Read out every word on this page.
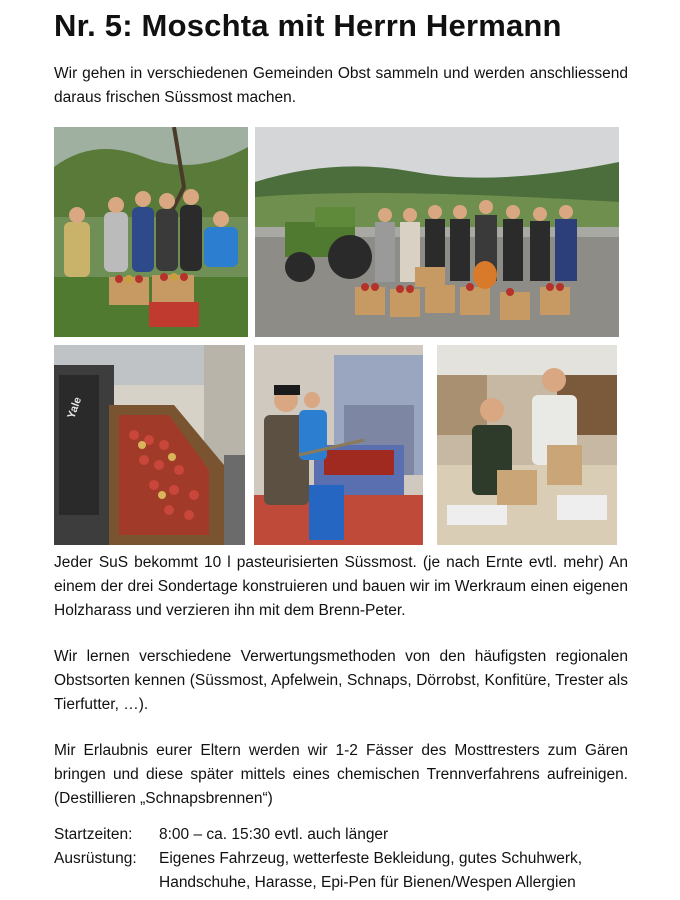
Nr. 5: Moschta mit Herrn Hermann
Wir gehen in verschiedenen Gemeinden Obst sammeln und werden anschliessend daraus frischen Süssmost machen.
Yale
Jeder SuS bekommt 10 l pasteurisierten Süssmost. (je nach Ernte evtl. mehr) An einem der drei Sondertage konstruieren und bauen wir im Werkraum einen eigenen Holzharass und verzieren ihn mit dem Brenn-Peter.
Wir lernen verschiedene Verwertungsmethoden von den häufigsten regionalen Obstsorten kennen (Süssmost, Apfelwein, Schnaps, Dörrobst, Konfitüre, Trester als Tierfutter, …).
Mir Erlaubnis eurer Eltern werden wir 1-2 Fässer des Mosttresters zum Gären bringen und diese später mittels eines chemischen Trennverfahrens aufreinigen. (Destillieren „Schnapsbrennen“)
Startzeiten:	8:00 – ca. 15:30 evtl. auch länger
Ausrüstung:	Eigenes Fahrzeug, wetterfeste Bekleidung, gutes Schuhwerk,
Handschuhe, Harasse, Epi-Pen für Bienen/Wespen Allergien
